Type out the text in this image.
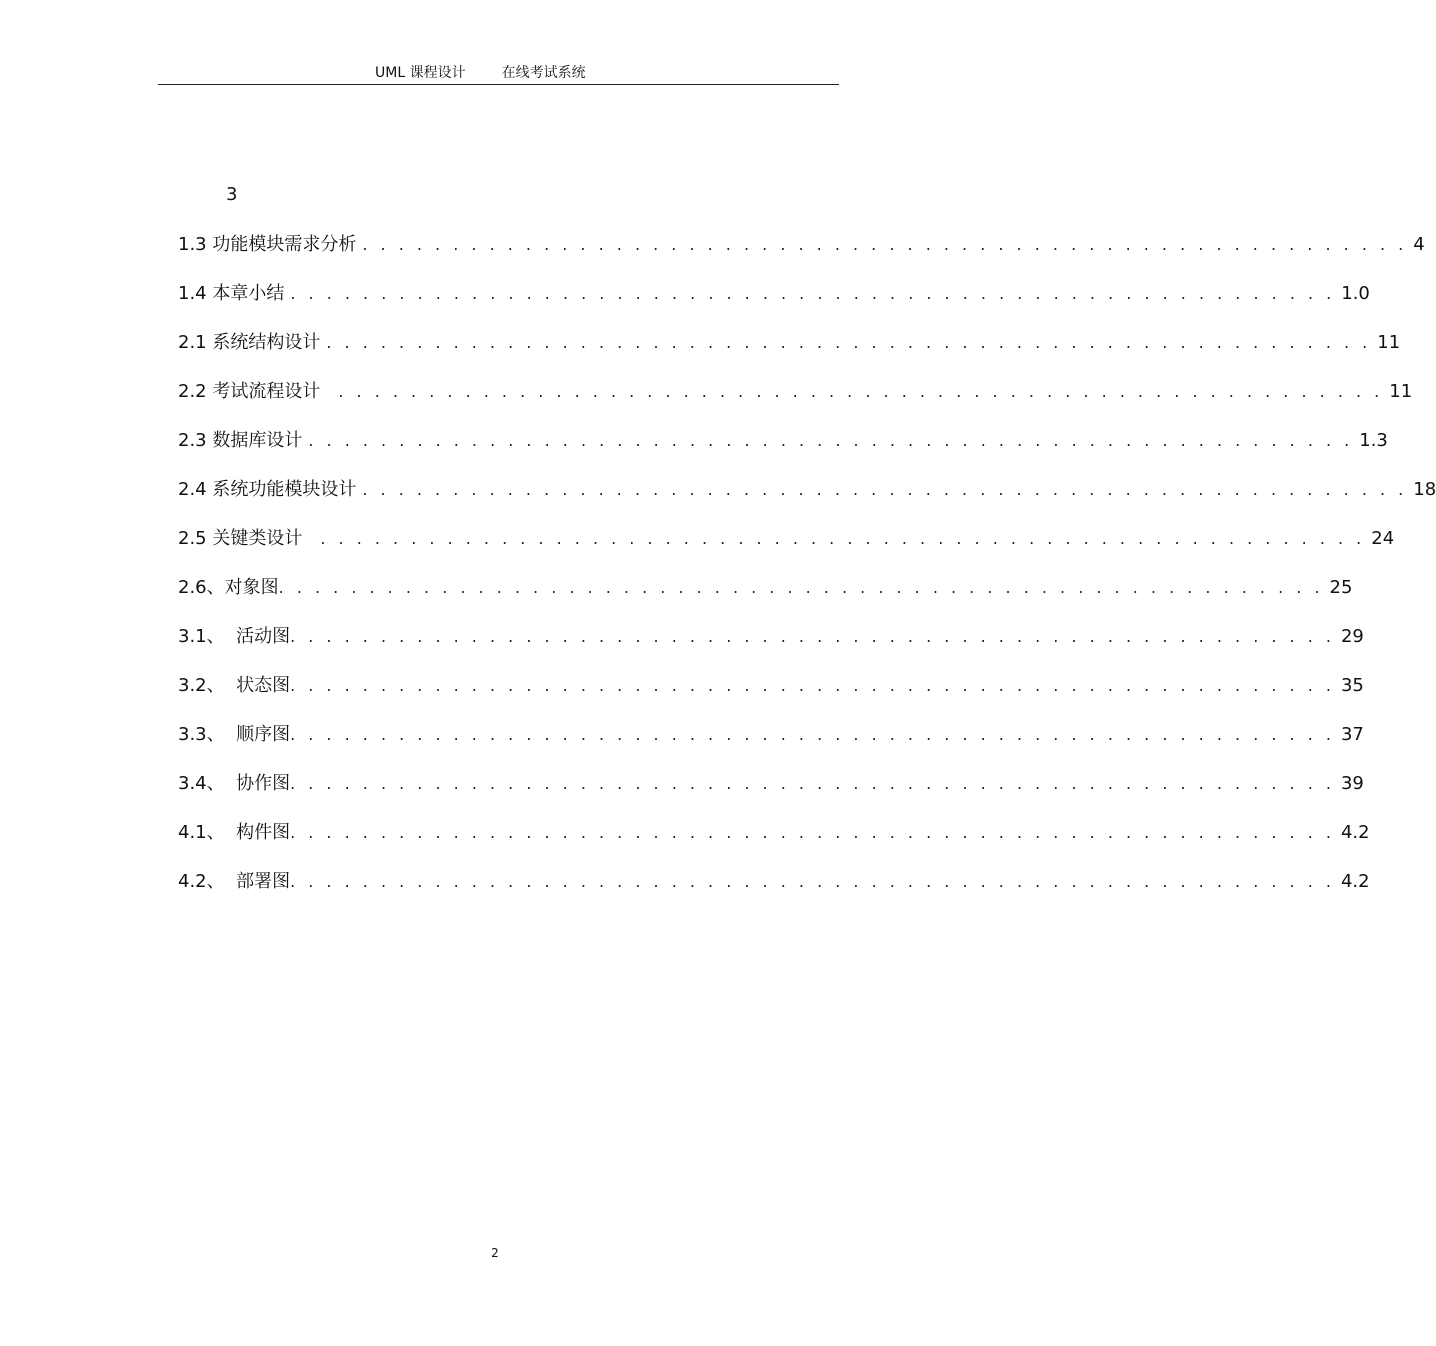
UML 课程设计	在线考试系统
3
1.3 功能模块需求分析 . . . . . . . . . . . . . . . . . . . . . . . . . . . . . . . . . . . . . . . . . . . . . . . . . . . . . . . . . . 4
1.4 本章小结 . . . . . . . . . . . . . . . . . . . . . . . . . . . . . . . . . . . . . . . . . . . . . . . . . . . . . . . . . . 1.0
2.1 系统结构设计 . . . . . . . . . . . . . . . . . . . . . . . . . . . . . . . . . . . . . . . . . . . . . . . . . . . . . . . . . . 11
2.2 考试流程设计 . . . . . . . . . . . . . . . . . . . . . . . . . . . . . . . . . . . . . . . . . . . . . . . . . . . . . . . . . . 11
2.3 数据库设计 . . . . . . . . . . . . . . . . . . . . . . . . . . . . . . . . . . . . . . . . . . . . . . . . . . . . . . . . . . 1.3
2.4 系统功能模块设计 . . . . . . . . . . . . . . . . . . . . . . . . . . . . . . . . . . . . . . . . . . . . . . . . . . . . . . . . . . 18
2.5 关键类设计 . . . . . . . . . . . . . . . . . . . . . . . . . . . . . . . . . . . . . . . . . . . . . . . . . . . . . . . . . . 24
2.6、对象图 . . . . . . . . . . . . . . . . . . . . . . . . . . . . . . . . . . . . . . . . . . . . . . . . . . . . . . . . . . 25
3.1、  活动图 . . . . . . . . . . . . . . . . . . . . . . . . . . . . . . . . . . . . . . . . . . . . . . . . . . . . . . . . . . 29
3.2、  状态图 . . . . . . . . . . . . . . . . . . . . . . . . . . . . . . . . . . . . . . . . . . . . . . . . . . . . . . . . . . 35
3.3、  顺序图 . . . . . . . . . . . . . . . . . . . . . . . . . . . . . . . . . . . . . . . . . . . . . . . . . . . . . . . . . . 37
3.4、  协作图 . . . . . . . . . . . . . . . . . . . . . . . . . . . . . . . . . . . . . . . . . . . . . . . . . . . . . . . . . . 39
4.1、  构件图 . . . . . . . . . . . . . . . . . . . . . . . . . . . . . . . . . . . . . . . . . . . . . . . . . . . . . . . . . . 4.2
4.2、  部署图 . . . . . . . . . . . . . . . . . . . . . . . . . . . . . . . . . . . . . . . . . . . . . . . . . . . . . . . . . . 4.2
2
